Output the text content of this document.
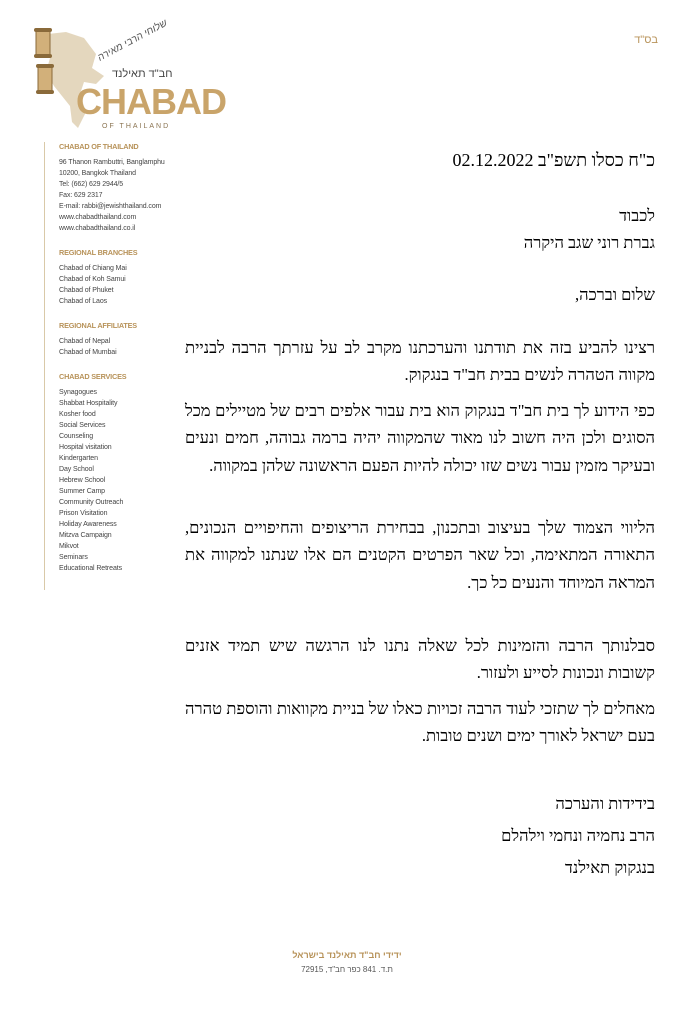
בס"ד
שלוחי הרבי מאירה
חב"ד תאילנד
CHABAD
OF THAILAND
CHABAD OF THAILAND
96 Thanon Rambuttri, Banglamphu
10200, Bangkok Thailand
Tel: (662) 629 2944/5
Fax: 629 2317
E-mail: rabbi@jewishthailand.com
www.chabadthailand.com
www.chabadthailand.co.il
REGIONAL BRANCHES
Chabad of Chiang Mai
Chabad of Koh Samui
Chabad of Phuket
Chabad of Laos
REGIONAL AFFILIATES
Chabad of Nepal
Chabad of Mumbai
CHABAD SERVICES
Synagogues
Shabbat Hospitality
Kosher food
Social Services
Counseling
Hospital visitation
Kindergarten
Day School
Hebrew School
Summer Camp
Community Outreach
Prison Visitation
Holiday Awareness
Mitzva Campaign
Mikvot
Seminars
Educational Retreats
כ"ח כסלו תשפ"ב 02.12.2022
לכבוד
גברת רוני שגב היקרה
שלום וברכה,
רצינו להביע בזה את תודתנו והערכתנו מקרב לב על עזרתך הרבה לבניית מקווה הטהרה לנשים בבית חב"ד בנגקוק.
כפי הידוע לך בית חב"ד בנגקוק הוא בית עבור אלפים רבים של מטיילים מכל הסוגים ולכן היה חשוב לנו מאוד שהמקווה יהיה ברמה גבוהה, חמים ונעים ובעיקר מזמין עבור נשים שזו יכולה להיות הפעם הראשונה שלהן במקווה.
הליווי הצמוד שלך בעיצוב ובתכנון, בבחירת הריצופים והחיפויים הנכונים, התאורה המתאימה, וכל שאר הפרטים הקטנים הם אלו שנתנו למקווה את המראה המיוחד והנעים כל כך.
סבלנותך הרבה והזמינות לכל שאלה נתנו לנו הרגשה שיש תמיד אזנים קשובות ונכונות לסייע ולעזור.
מאחלים לך שתזכי לעוד הרבה זכויות כאלו של בניית מקוואות והוספת טהרה בעם ישראל לאורך ימים ושנים טובות.
בידידות והערכה
הרב נחמיה ונחמי וילהלם
בנגקוק תאילנד
ידידי חב"ד תאילנד בישראל
ת.ד. 841 כפר חב"ד, 72915
